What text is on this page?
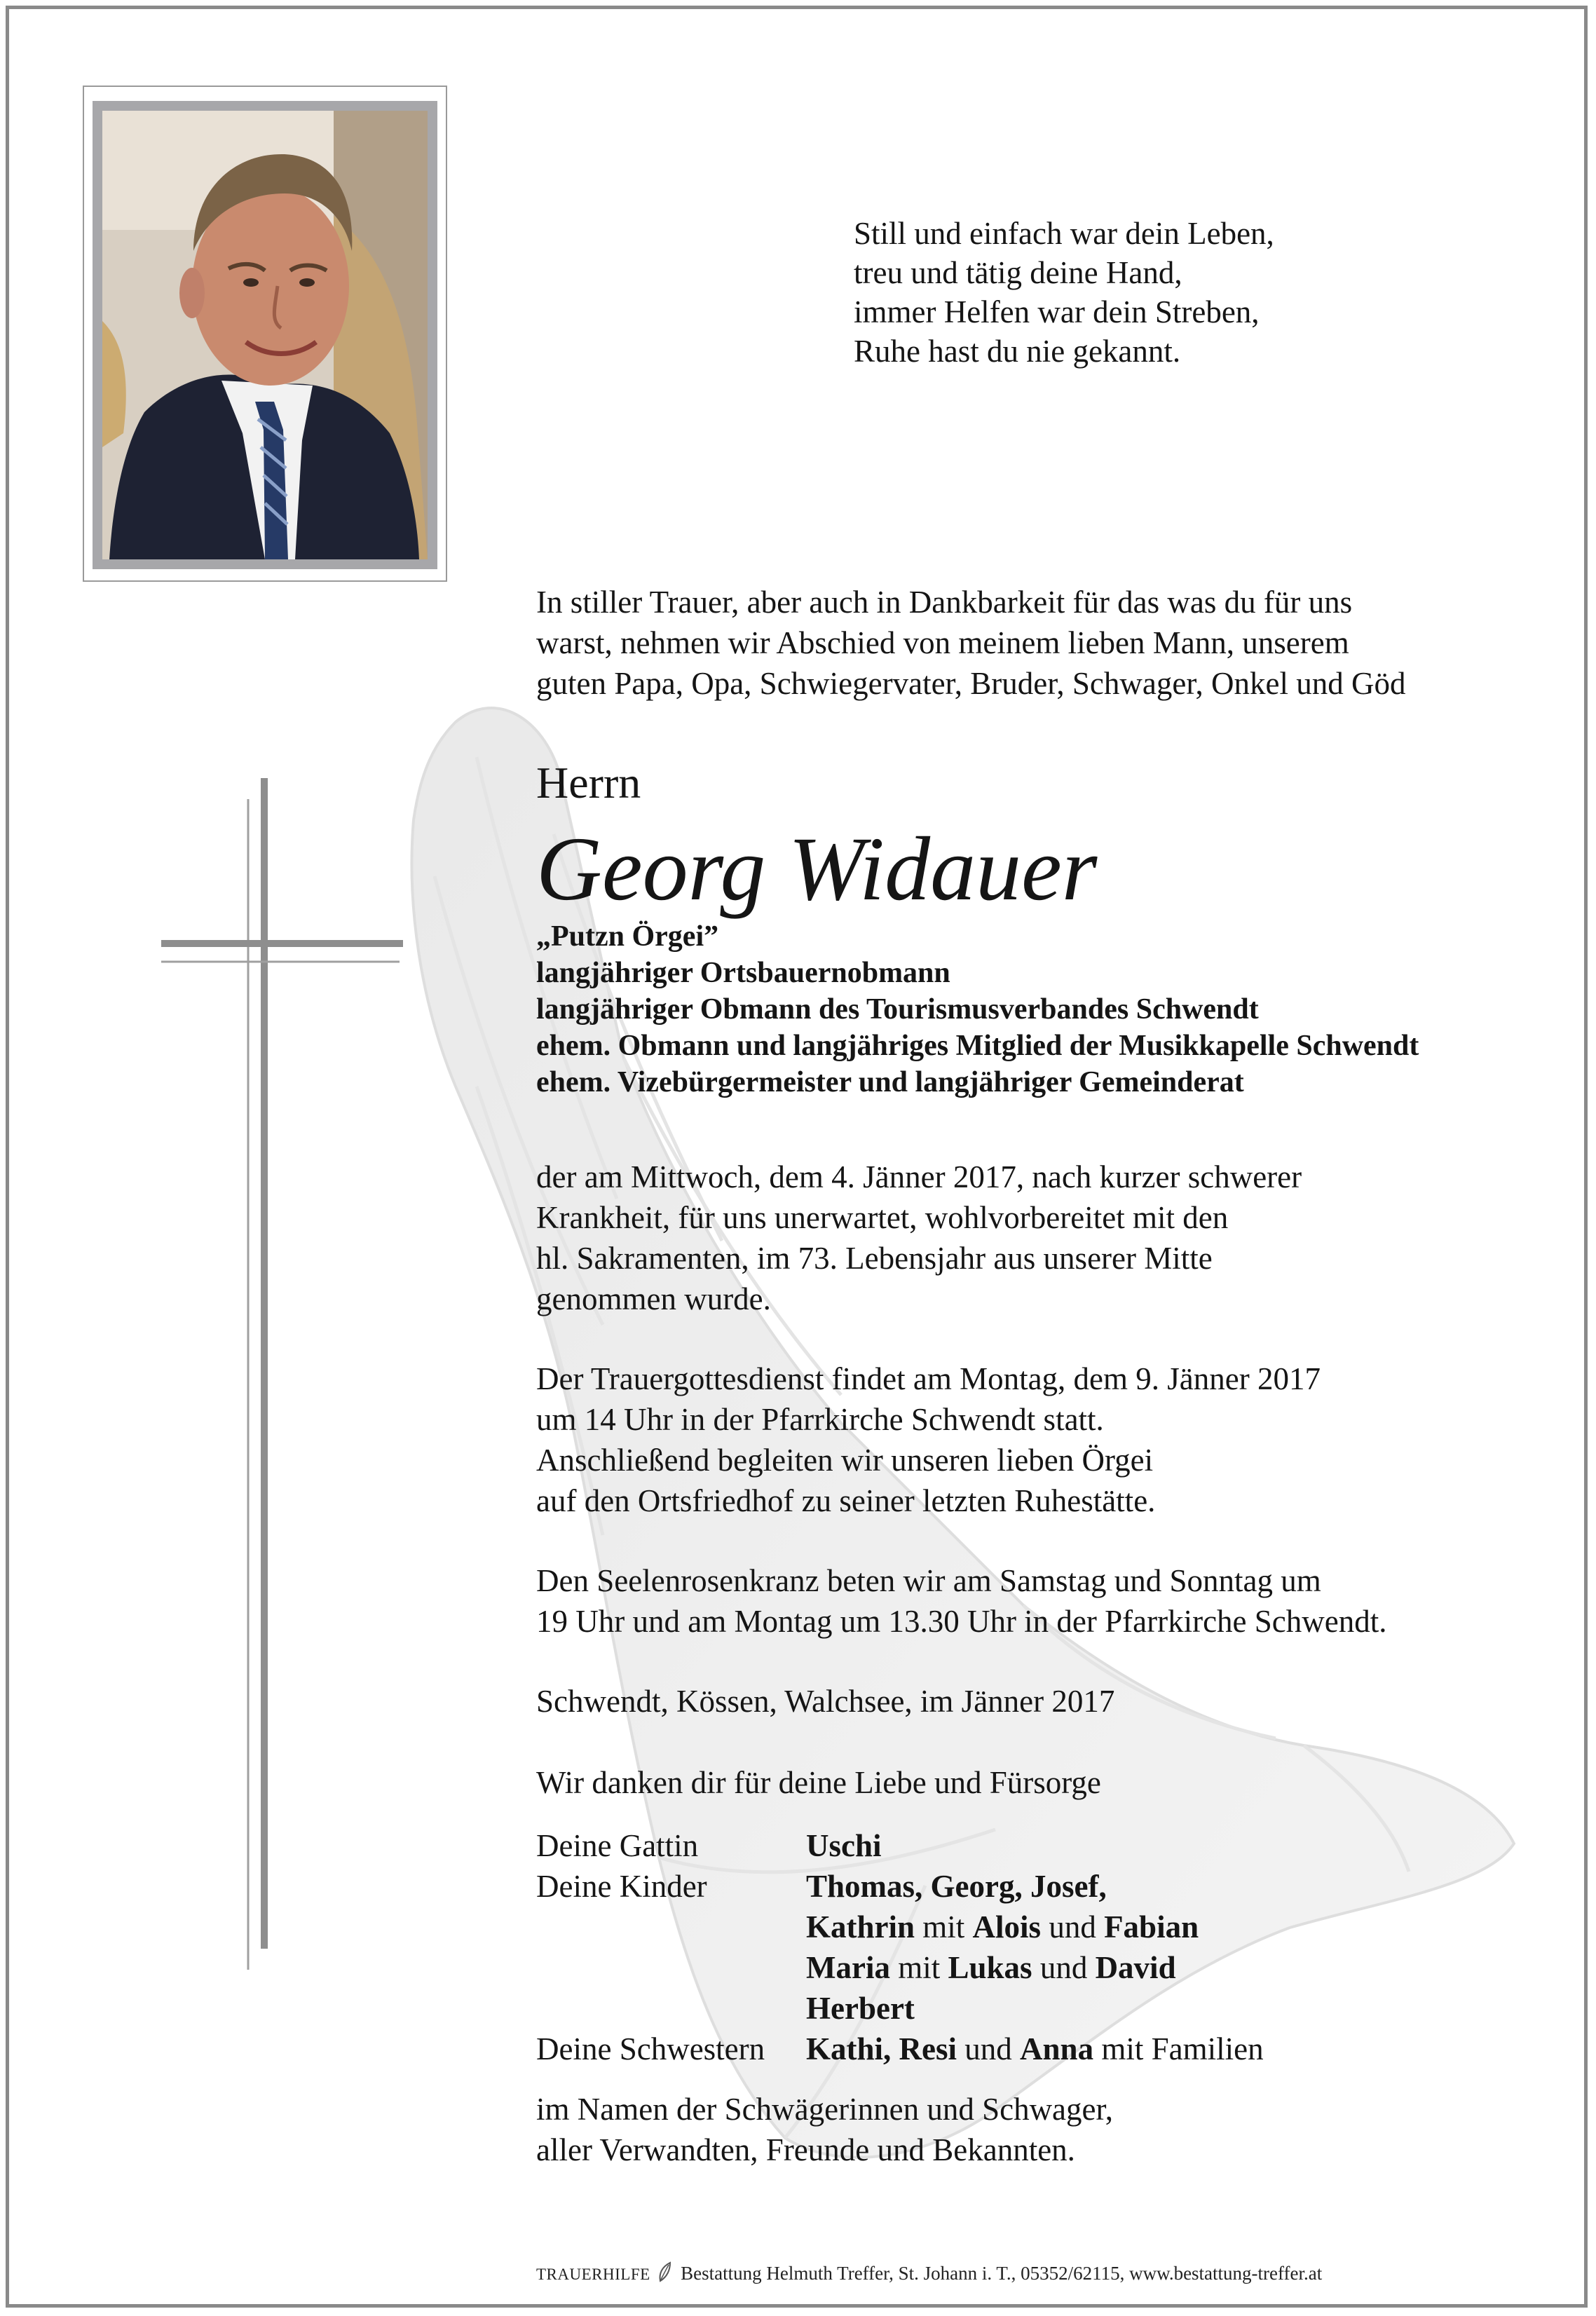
Still und einfach war dein Leben,
treu und tätig deine Hand,
immer Helfen war dein Streben,
Ruhe hast du nie gekannt.
In stiller Trauer, aber auch in Dankbarkeit für das was du für uns
warst, nehmen wir Abschied von meinem lieben Mann, unserem
guten Papa, Opa, Schwiegervater, Bruder, Schwager, Onkel und Göd
Herrn
Georg Widauer
„Putzn Örgei”
langjähriger Ortsbauernobmann
langjähriger Obmann des Tourismusverbandes Schwendt
ehem. Obmann und langjähriges Mitglied der Musikkapelle Schwendt
ehem. Vizebürgermeister und langjähriger Gemeinderat
der am Mittwoch, dem 4. Jänner 2017, nach kurzer schwerer
Krankheit, für uns unerwartet, wohlvorbereitet mit den
hl. Sakramenten, im 73. Lebensjahr aus unserer Mitte
genommen wurde.
Der Trauergottesdienst findet am Montag, dem 9. Jänner 2017
um 14 Uhr in der Pfarrkirche Schwendt statt.
Anschließend begleiten wir unseren lieben Örgei
auf den Ortsfriedhof zu seiner letzten Ruhestätte.
Den Seelenrosenkranz beten wir am Samstag und Sonntag um
19 Uhr und am Montag um 13.30 Uhr in der Pfarrkirche Schwendt.
Schwendt, Kössen, Walchsee, im Jänner 2017
Wir danken dir für deine Liebe und Fürsorge
Deine Gattin	Uschi
Deine Kinder	Thomas, Georg, Josef,
Kathrin mit Alois und Fabian
Maria mit Lukas und David
Herbert
Deine Schwestern	Kathi, Resi und Anna mit Familien
im Namen der Schwägerinnen und Schwager,
aller Verwandten, Freunde und Bekannten.
TRAUERHILFE Bestattung Helmuth Treffer, St. Johann i. T., 05352/62115, www.bestattung-treffer.at
